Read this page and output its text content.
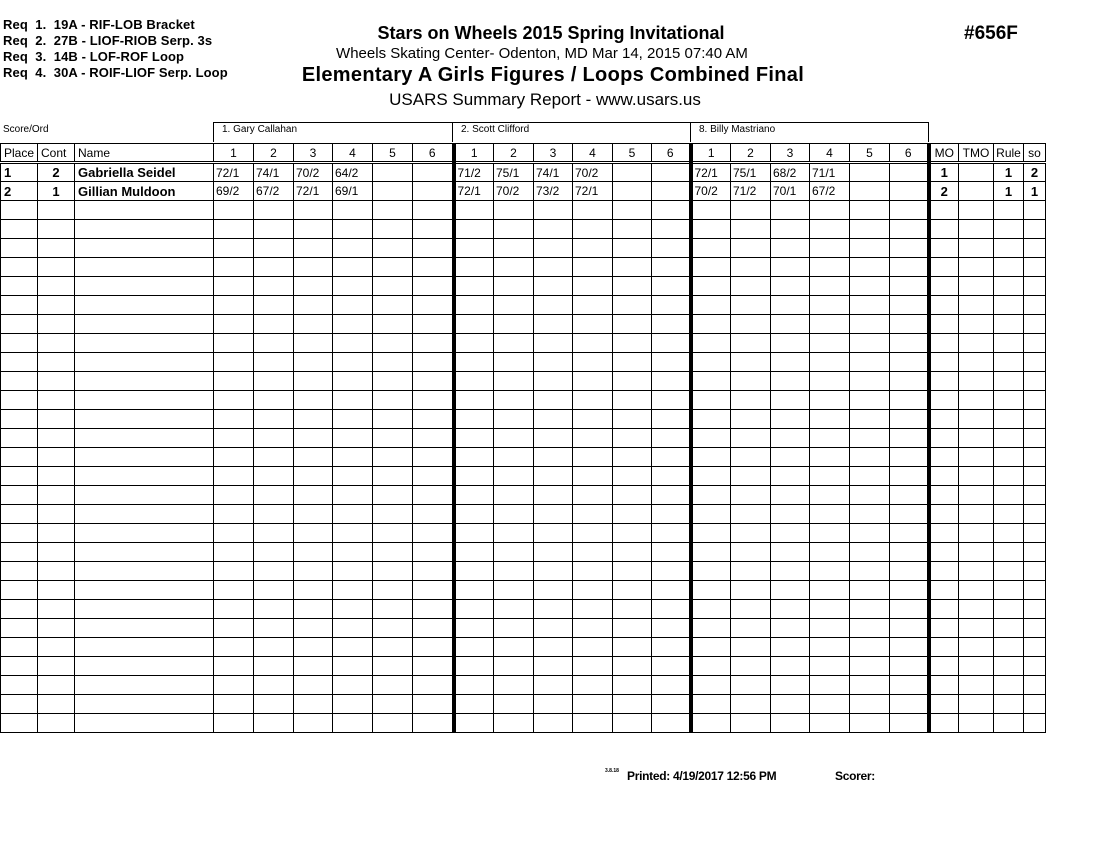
Req  1.  19A - RIF-LOB Bracket
Req  2.  27B - LIOF-RIOB Serp. 3s
Req  3.  14B - LOF-ROF Loop
Req  4.  30A - ROIF-LIOF Serp. Loop
Stars on Wheels 2015 Spring Invitational
Wheels Skating Center- Odenton, MD Mar 14, 2015 07:40 AM
Elementary A Girls Figures / Loops Combined Final
USARS Summary Report - www.usars.us
#656F
Score/Ord	1. Gary Callahan	2. Scott Clifford	8. Billy Mastriano
Place	Cont	Name	1	2	3	4	5	6	1	2	3	4	5	6	1	2	3	4	5	6	MO	TMO	Rule	so
1	2	Gabriella Seidel	72/1	74/1	70/2	64/2			71/2	75/1	74/1	70/2			72/1	75/1	68/2	71/1			1		1	2
2	1	Gillian Muldoon	69/2	67/2	72/1	69/1			72/1	70/2	73/2	72/1			70/2	71/2	70/1	67/2			2		1	1

3.8.18 Printed: 4/19/2017 12:56 PM	Scorer:
